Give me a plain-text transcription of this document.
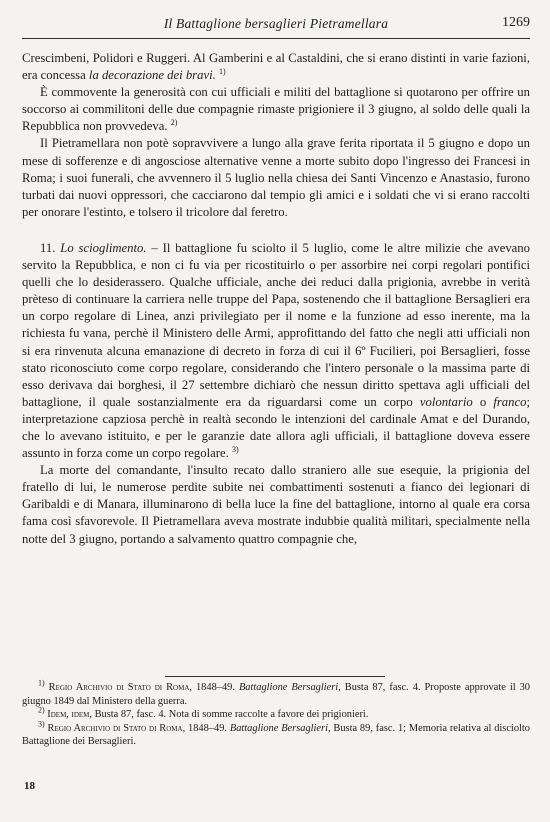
Il Battaglione bersaglieri Pietramellara	1269

Crescimbeni, Polidori e Ruggeri. Al Gamberini e al Castaldini, che si erano distinti in varie fazioni, era concessa la decorazione dei bravi. $^{1)}$

È commovente la generosità con cui ufficiali e militi del battaglione si quotarono per offrire un soccorso ai commilitoni delle due compagnie rimaste prigioniere il 3 giugno, al soldo delle quali la Repubblica non provvedeva. $^{2)}$

Il Pietramellara non potè sopravvivere a lungo alla grave ferita riportata il 5 giugno e dopo un mese di sofferenze e di angosciose alternative venne a morte subito dopo l'ingresso dei Francesi in Roma; i suoi funerali, che avvennero il 5 luglio nella chiesa dei Santi Vincenzo e Anastasio, furono turbati dai nuovi oppressori, che cacciarono dal tempio gli amici e i soldati che vi si erano raccolti per onorare l'estinto, e tolsero il tricolore dal feretro.

11. Lo scioglimento. – Il battaglione fu sciolto il 5 luglio, come le altre milizie che avevano servito la Repubblica, e non ci fu via per ricostituirlo o per assorbire nei corpi regolari pontifici quelli che lo desiderassero. Qualche ufficiale, anche dei reduci dalla prigionia, avrebbe in verità prèteso di continuare la carriera nelle truppe del Papa, sostenendo che il battaglione Bersaglieri era un corpo regolare di Linea, anzi privilegiato per il nome e la funzione ad esso inerente, ma la richiesta fu vana, perchè il Ministero delle Armi, approfittando del fatto che negli atti ufficiali non si era rinvenuta alcuna emanazione di decreto in forza di cui il 6º Fucilieri, poi Bersaglieri, fosse stato riconosciuto come corpo regolare, considerando che l'intero personale o la massima parte di esso derivava dai borghesi, il 27 settembre dichiarò che nessun diritto spettava agli ufficiali del battaglione, il quale sostanzialmente era da riguardarsi come un corpo volontario o franco; interpretazione capziosa perchè in realtà secondo le intenzioni del cardinale Amat e del Durando, che lo avevano istituito, e per le garanzie date allora agli ufficiali, il battaglione doveva essere assunto in forza come un corpo regolare. $^{3)}$

La morte del comandante, l'insulto recato dallo straniero alle sue esequie, la prigionia del fratello di lui, le numerose perdite subite nei combattimenti sostenuti a fianco dei legionari di Garibaldi e di Manara, illuminarono di bella luce la fine del battaglione, intorno al quale era corsa fama così sfavorevole. Il Pietramellara aveva mostrate indubbie qualità militari, specialmente nella notte del 3 giugno, portando a salvamento quattro compagnie che,

$^{1)}$ Regio Archivio di Stato di Roma, 1848–49. Battaglione Bersaglieri, Busta 87, fasc. 4. Proposte approvate il 30 giugno 1849 dal Ministero della guerra.

$^{2)}$ Idem, idem, Busta 87, fasc. 4. Nota di somme raccolte a favore dei prigionieri.

$^{3)}$ Regio Archivio di Stato di Roma, 1848–49. Battaglione Bersaglieri, Busta 89, fasc. 1; Memoria relativa al disciolto Battaglione dei Bersaglieri.

18
